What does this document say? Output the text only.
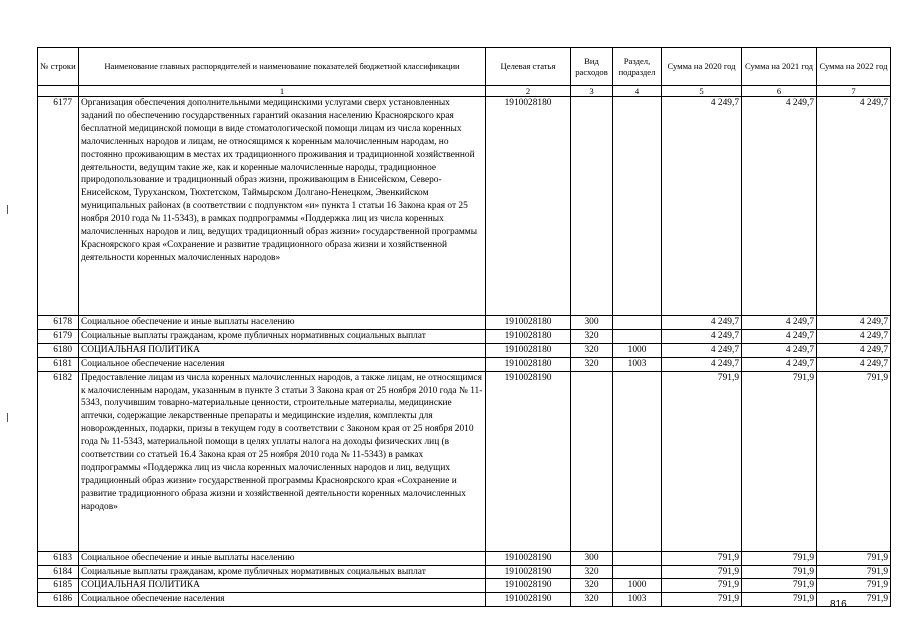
№ строки	Наименование главных распорядителей и наименование показателей бюджетной классификации	Целевая статья	Вид расходов	Раздел, подраздел	Сумма на 2020 год	Сумма на 2021 год	Сумма на 2022 год
	1	2	3	4	5	6	7
6177	Организация обеспечения дополнительными медицинскими услугами сверх установленных заданий по обеспечению государственных гарантий оказания населению Красноярского края бесплатной медицинской помощи в виде стоматологической помощи лицам из числа коренных малочисленных народов и лицам, не относящимся к коренным малочисленным народам, но постоянно проживающим в местах их традиционного проживания и традиционной хозяйственной деятельности, ведущим такие же, как и коренные малочисленные народы, традиционное природопользование и традиционный образ жизни, проживающим в Енисейском, Северо-Енисейском, Туруханском, Тюхтетском, Таймырском Долгано-Ненецком, Эвенкийском муниципальных районах (в соответствии с подпунктом «и» пункта 1 статьи 16 Закона края от 25 ноября 2010 года № 11-5343), в рамках подпрограммы «Поддержка лиц из числа коренных малочисленных народов и лиц, ведущих традиционный образ жизни» государственной программы Красноярского края «Сохранение и развитие традиционного образа жизни и хозяйственной деятельности коренных малочисленных народов»	1910028180			4 249,7	4 249,7	4 249,7
6178	Социальное обеспечение и иные выплаты населению	1910028180	300		4 249,7	4 249,7	4 249,7
6179	Социальные выплаты гражданам, кроме публичных нормативных социальных выплат	1910028180	320		4 249,7	4 249,7	4 249,7
6180	СОЦИАЛЬНАЯ ПОЛИТИКА	1910028180	320	1000	4 249,7	4 249,7	4 249,7
6181	Социальное обеспечение населения	1910028180	320	1003	4 249,7	4 249,7	4 249,7
6182	Предоставление лицам из числа коренных малочисленных народов, а также лицам, не относящимся к малочисленным народам, указанным в пункте 3 статьи 3 Закона края от 25 ноября 2010 года № 11-5343, получившим товарно-материальные ценности, строительные материалы, медицинские аптечки, содержащие лекарственные препараты и медицинские изделия, комплекты для новорожденных, подарки, призы в текущем году в соответствии с Законом края от 25 ноября 2010 года № 11-5343, материальной помощи в целях уплаты налога на доходы физических лиц (в соответствии со статьей 16.4 Закона края от 25 ноября 2010 года № 11-5343) в рамках подпрограммы «Поддержка лиц из числа коренных малочисленных народов и лиц, ведущих традиционный образ жизни» государственной программы Красноярского края «Сохранение и развитие традиционного образа жизни и хозяйственной деятельности коренных малочисленных народов»	1910028190			791,9	791,9	791,9
6183	Социальное обеспечение и иные выплаты населению	1910028190	300		791,9	791,9	791,9
6184	Социальные выплаты гражданам, кроме публичных нормативных социальных выплат	1910028190	320		791,9	791,9	791,9
6185	СОЦИАЛЬНАЯ ПОЛИТИКА	1910028190	320	1000	791,9	791,9	791,9
6186	Социальное обеспечение населения	1910028190	320	1003	791,9	791,9	791,9
816
